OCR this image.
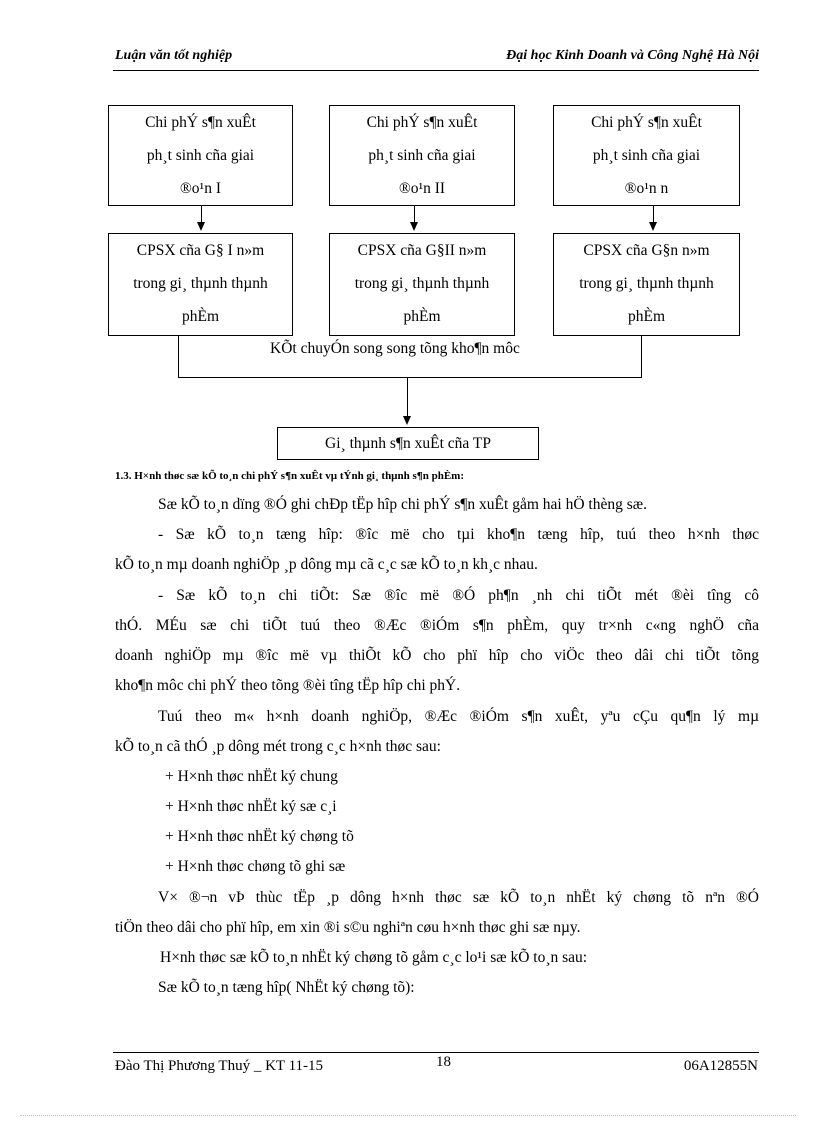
Luận văn tốt nghiệp	Đại học Kinh Doanh và Công Nghệ Hà Nội
Chi phÝ s¶n xuÊt
ph¸t sinh cña giai
®o¹n I
Chi phÝ s¶n xuÊt
ph¸t sinh cña giai
®o¹n II
Chi phÝ s¶n xuÊt
ph¸t sinh cña giai
®o¹n n
CPSX cña G§ I n»m
trong gi¸ thµnh thµnh
phÈm
CPSX cña G§II n»m
trong gi¸ thµnh thµnh
phÈm
CPSX cña G§n n»m
trong gi¸ thµnh thµnh
phÈm
KÕt chuyÓn song song tõng kho¶n môc
Gi¸ thµnh s¶n xuÊt cña TP
1.3. H×nh thøc sæ kÕ to¸n chi phÝ s¶n xuÊt vµ tÝnh gi¸ thµnh s¶n phÈm:
Sæ kÕ to¸n dïng ®Ó ghi chÐp tËp hîp chi phÝ s¶n xuÊt gåm hai hÖ thèng sæ.
- Sæ kÕ to¸n tæng hîp: ®îc më cho tµi kho¶n tæng hîp, tuú theo h×nh thøc
kÕ to¸n mµ doanh nghiÖp ¸p dông mµ cã c¸c sæ kÕ to¸n kh¸c nhau.
- Sæ kÕ to¸n chi tiÕt: Sæ ®îc më ®Ó ph¶n ¸nh chi tiÕt mét ®èi tîng cô
thÓ. MÉu sæ chi tiÕt tuú theo ®Æc ®iÓm s¶n phÈm, quy tr×nh c«ng nghÖ cña
doanh nghiÖp mµ ®îc më vµ thiÕt kÕ cho phï hîp cho viÖc theo dâi chi tiÕt tõng
kho¶n môc chi phÝ theo tõng ®èi tîng tËp hîp chi phÝ.
Tuú theo m« h×nh doanh nghiÖp, ®Æc ®iÓm s¶n xuÊt, yªu cÇu qu¶n lý mµ
kÕ to¸n cã thÓ ¸p dông mét trong c¸c h×nh thøc sau:
+ H×nh thøc nhËt ký chung
+ H×nh thøc nhËt ký sæ c¸i
+ H×nh thøc nhËt ký chøng tõ
+ H×nh thøc chøng tõ ghi sæ
V× ®¬n vÞ thùc tËp ¸p dông h×nh thøc sæ kÕ to¸n nhËt ký chøng tõ nªn ®Ó
tiÖn theo dâi cho phï hîp, em xin ®i s©u nghiªn cøu h×nh thøc ghi sæ nµy.
H×nh thøc sæ kÕ to¸n nhËt ký chøng tõ gåm c¸c lo¹i sæ kÕ to¸n sau:
Sæ kÕ to¸n tæng hîp( NhËt ký chøng tõ):
Đào Thị Phương Thuý _ KT 11-15	18	06A12855N
